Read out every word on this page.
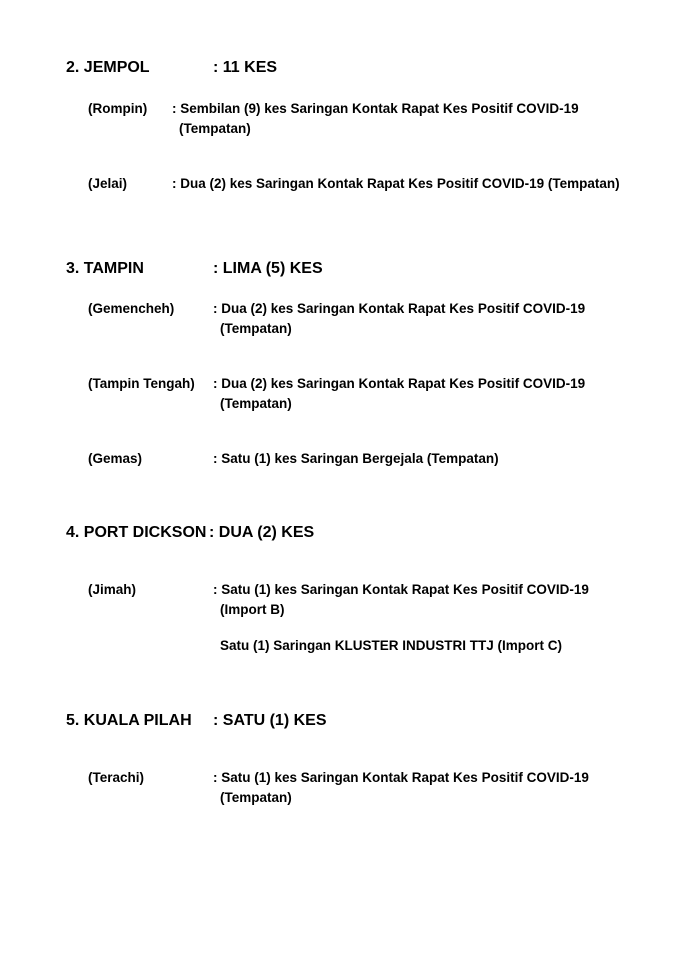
2. JEMPOL	: 11 KES
(Rompin) : Sembilan (9) kes Saringan Kontak Rapat Kes Positif COVID-19
(Tempatan)
(Jelai)	: Dua (2) kes Saringan Kontak Rapat Kes Positif COVID-19 (Tempatan)
3. TAMPIN	: LIMA (5) KES
(Gemencheh)	: Dua (2) kes Saringan Kontak Rapat Kes Positif COVID-19
(Tempatan)
(Tampin Tengah) : Dua (2) kes Saringan Kontak Rapat Kes Positif COVID-19
(Tempatan)
(Gemas)	: Satu (1) kes Saringan Bergejala (Tempatan)
4. PORT DICKSON : DUA (2) KES
(Jimah)	: Satu (1) kes Saringan Kontak Rapat Kes Positif COVID-19
(Import B)
Satu (1) Saringan KLUSTER INDUSTRI TTJ (Import C)
5. KUALA PILAH : SATU (1) KES
(Terachi)	: Satu (1) kes Saringan Kontak Rapat Kes Positif COVID-19
(Tempatan)
